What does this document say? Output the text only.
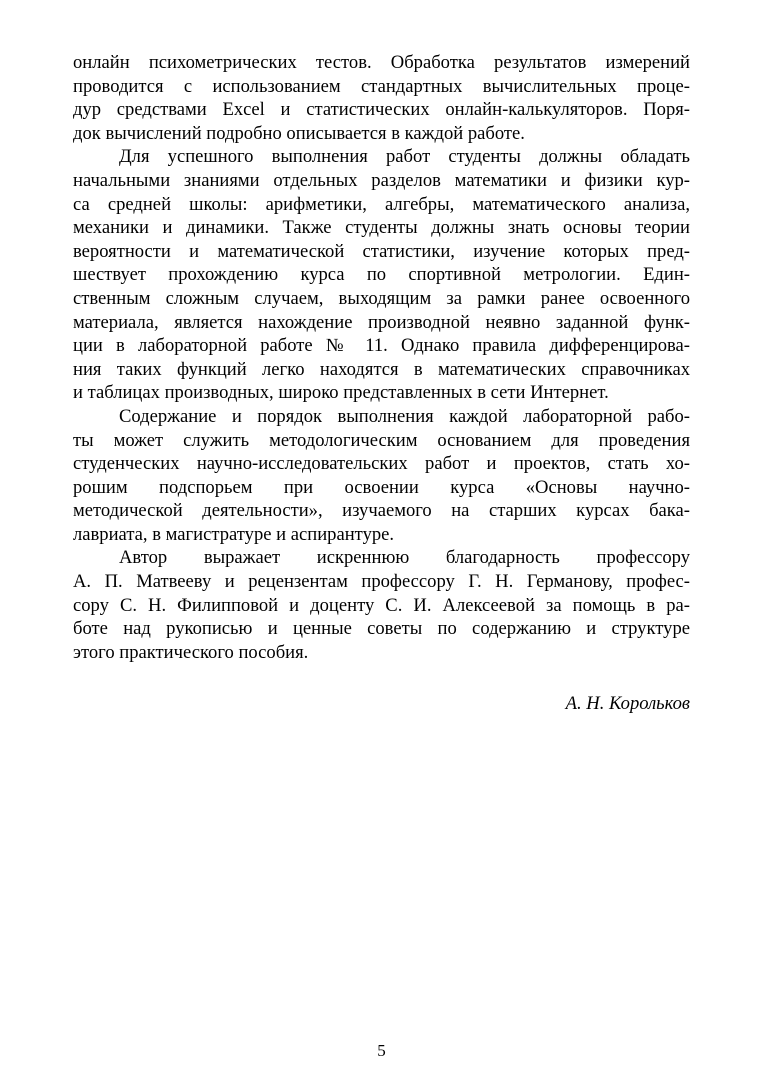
онлайн психометрических тестов. Обработка результатов измерений
проводится с использованием стандартных вычислительных проце-
дур средствами Excel и статистических онлайн-калькуляторов. Поря-
док вычислений подробно описывается в каждой работе.

Для успешного выполнения работ студенты должны обладать
начальными знаниями отдельных разделов математики и физики кур-
са средней школы: арифметики, алгебры, математического анализа,
механики и динамики. Также студенты должны знать основы теории
вероятности и математической статистики, изучение которых пред-
шествует прохождению курса по спортивной метрологии. Един-
ственным сложным случаем, выходящим за рамки ранее освоенного
материала, является нахождение производной неявно заданной функ-
ции в лабораторной работе № 11. Однако правила дифференцирова-
ния таких функций легко находятся в математических справочниках
и таблицах производных, широко представленных в сети Интернет.

Содержание и порядок выполнения каждой лабораторной рабо-
ты может служить методологическим основанием для проведения
студенческих научно-исследовательских работ и проектов, стать хо-
рошим подспорьем при освоении курса «Основы научно-
методической деятельности», изучаемого на старших курсах бака-
лавриата, в магистратуре и аспирантуре.

Автор выражает искреннюю благодарность профессору
А. П. Матвееву и рецензентам профессору Г. Н. Германову, профес-
сору С. Н. Филипповой и доценту С. И. Алексеевой за помощь в ра-
боте над рукописью и ценные советы по содержанию и структуре
этого практического пособия.

А. Н. Корольков
5
